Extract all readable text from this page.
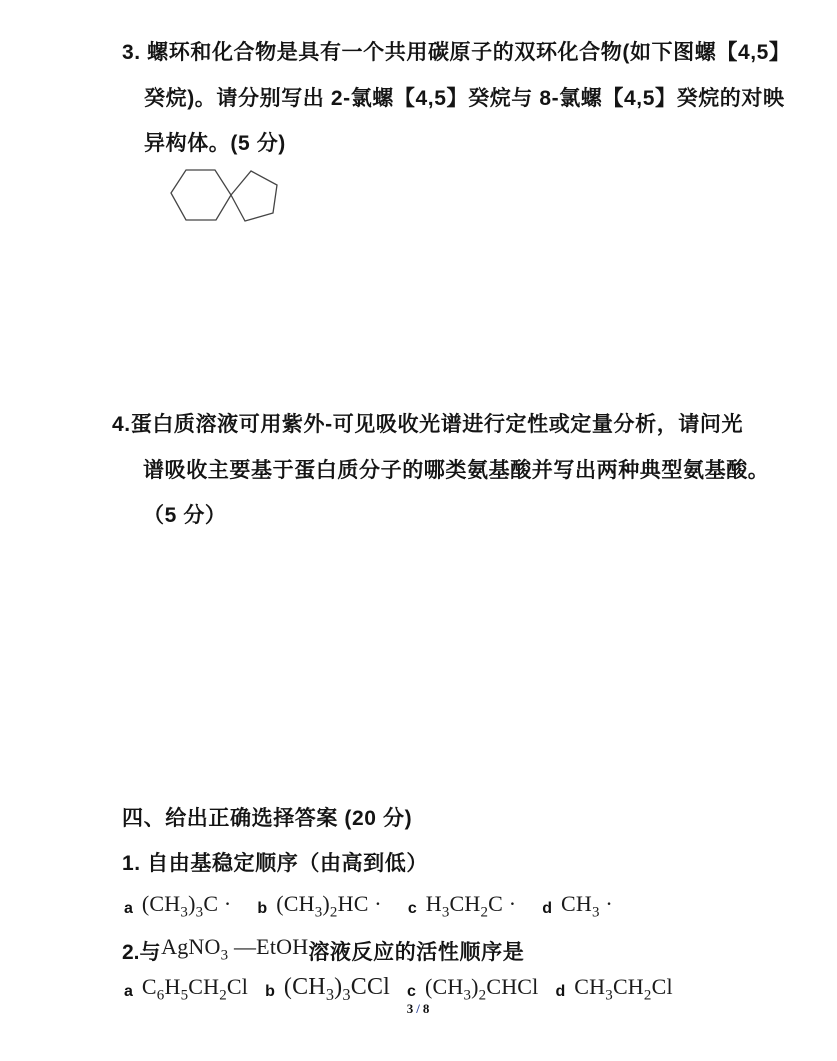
3. 螺环和化合物是具有一个共用碳原子的双环化合物(如下图螺【4,5】
癸烷)。请分别写出 2-氯螺【4,5】癸烷与 8-氯螺【4,5】癸烷的对映
异构体。(5 分)
4.蛋白质溶液可用紫外-可见吸收光谱进行定性或定量分析，请问光
谱吸收主要基于蛋白质分子的哪类氨基酸并写出两种典型氨基酸。
（5 分）
四、给出正确选择答案 (20 分)
1. 自由基稳定顺序（由高到低）
a $(CH_3)_3C \cdot b$ $(CH_3)_2HC \cdot c$ $H_3CH_2C \cdot d$ $CH_3$ ·
2. 与 AgNO$_3$ —EtOH 溶液反应的活性顺序是
a $C_6H_5CH_2Cl$ b $(CH_3)_3CCl$ c $(CH_3)_2CHCl$ d $CH_3CH_2Cl$
3 / 8
